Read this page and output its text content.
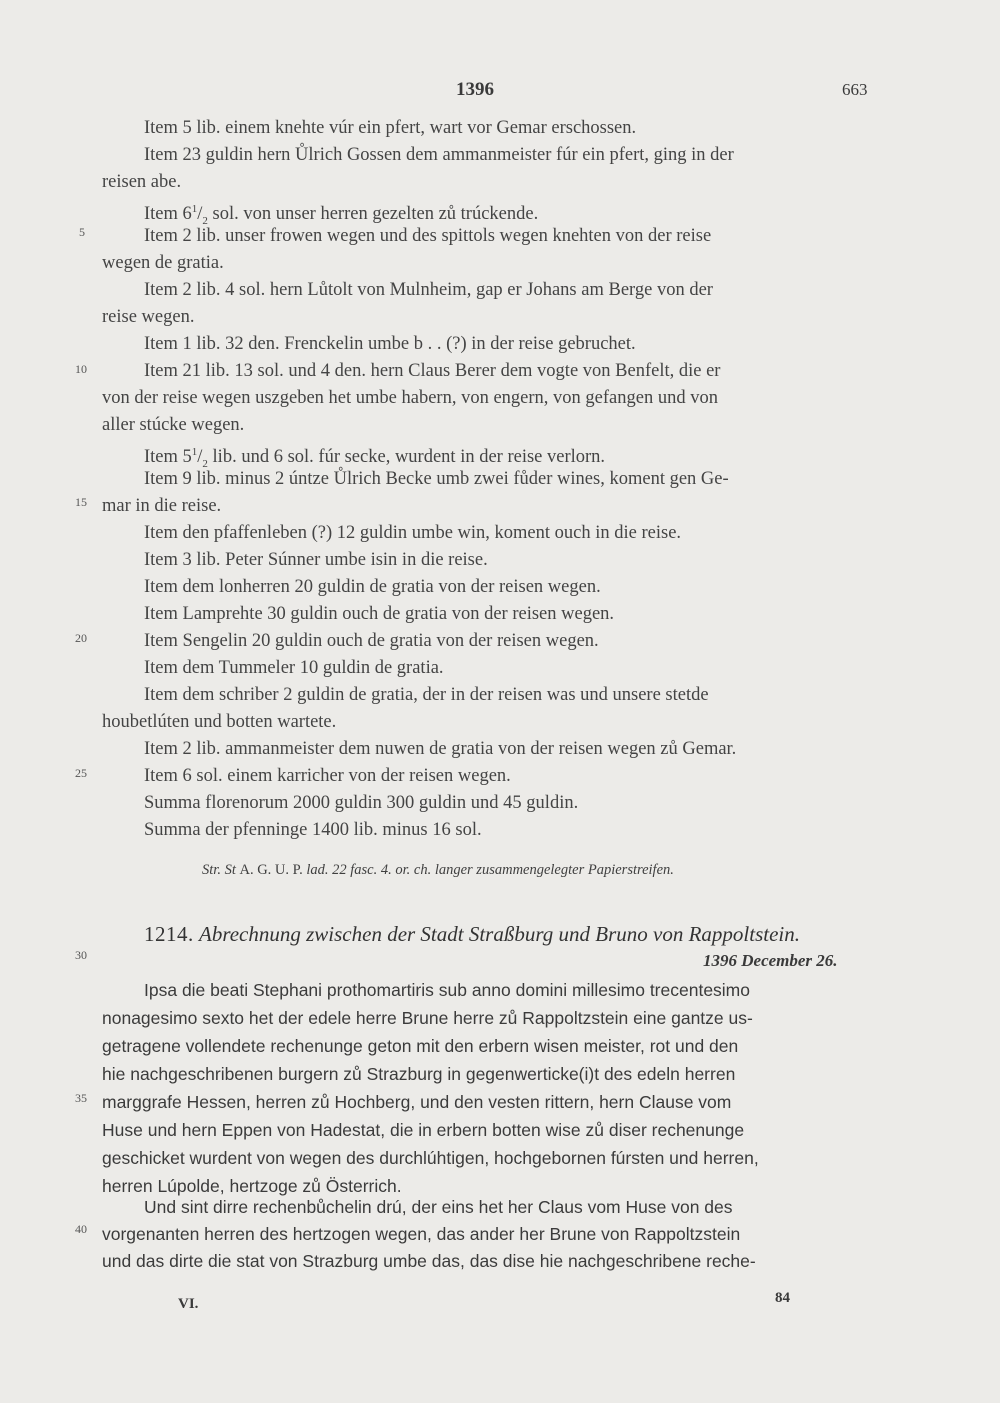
1396	663
5
10
15
20
25
30
35
40
Item 5 lib. einem knehte vúr ein pfert, wart vor Gemar erschossen.
Item 23 guldin hern Ůlrich Gossen dem ammanmeister fúr ein pfert, ging in der
reisen abe.
Item $6^1/_2$ sol. von unser herren gezelten zů trúckende.
Item 2 lib. unser frowen wegen und des spittols wegen knehten von der reise
wegen de gratia.
Item 2 lib. 4 sol. hern Lůtolt von Mulnheim, gap er Johans am Berge von der
reise wegen.
Item 1 lib. 32 den. Frenckelin umbe b . . (?) in der reise gebruchet.
Item 21 lib. 13 sol. und 4 den. hern Claus Berer dem vogte von Benfelt, die er
von der reise wegen uszgeben het umbe habern, von engern, von gefangen und von
aller stúcke wegen.
Item $5^1/_2$ lib. und 6 sol. fúr secke, wurdent in der reise verlorn.
Item 9 lib. minus 2 úntze Ůlrich Becke umb zwei fůder wines, koment gen Ge-
mar in die reise.
Item den pfaffenleben (?) 12 guldin umbe win, koment ouch in die reise.
Item 3 lib. Peter Súnner umbe isin in die reise.
Item dem lonherren 20 guldin de gratia von der reisen wegen.
Item Lamprehte 30 guldin ouch de gratia von der reisen wegen.
Item Sengelin 20 guldin ouch de gratia von der reisen wegen.
Item dem Tummeler 10 guldin de gratia.
Item dem schriber 2 guldin de gratia, der in der reisen was und unsere stetde
houbetlúten und botten wartete.
Item 2 lib. ammanmeister dem nuwen de gratia von der reisen wegen zů Gemar.
Item 6 sol. einem karricher von der reisen wegen.
Summa florenorum 2000 guldin 300 guldin und 45 guldin.
Summa der pfenninge 1400 lib. minus 16 sol.
Str. St A. G. U. P. lad. 22 fasc. 4. or. ch. langer zusammengelegter Papierstreifen.
1214. Abrechnung zwischen der Stadt Straßburg und Bruno von Rappoltstein.
1396 December 26.
Ipsa die beati Stephani prothomartiris sub anno domini millesimo trecentesimo
nonagesimo sexto het der edele herre Brune herre zů Rappoltzstein eine gantze us-
getragene vollendete rechenunge geton mit den erbern wisen meister, rot und den
hie nachgeschribenen burgern zů Strazburg in gegenwerticke(i)t des edeln herren
marggrafe Hessen, herren zů Hochberg, und den vesten rittern, hern Clause vom
Huse und hern Eppen von Hadestat, die in erbern botten wise zů diser rechenunge
geschicket wurdent von wegen des durchlúhtigen, hochgebornen fúrsten und herren,
herren Lúpolde, hertzoge zů Österrich.
Und sint dirre rechenbůchelin drú, der eins het her Claus vom Huse von des
vorgenanten herren des hertzogen wegen, das ander her Brune von Rappoltzstein
und das dirte die stat von Strazburg umbe das, das dise hie nachgeschribene reche-
VI.	84
